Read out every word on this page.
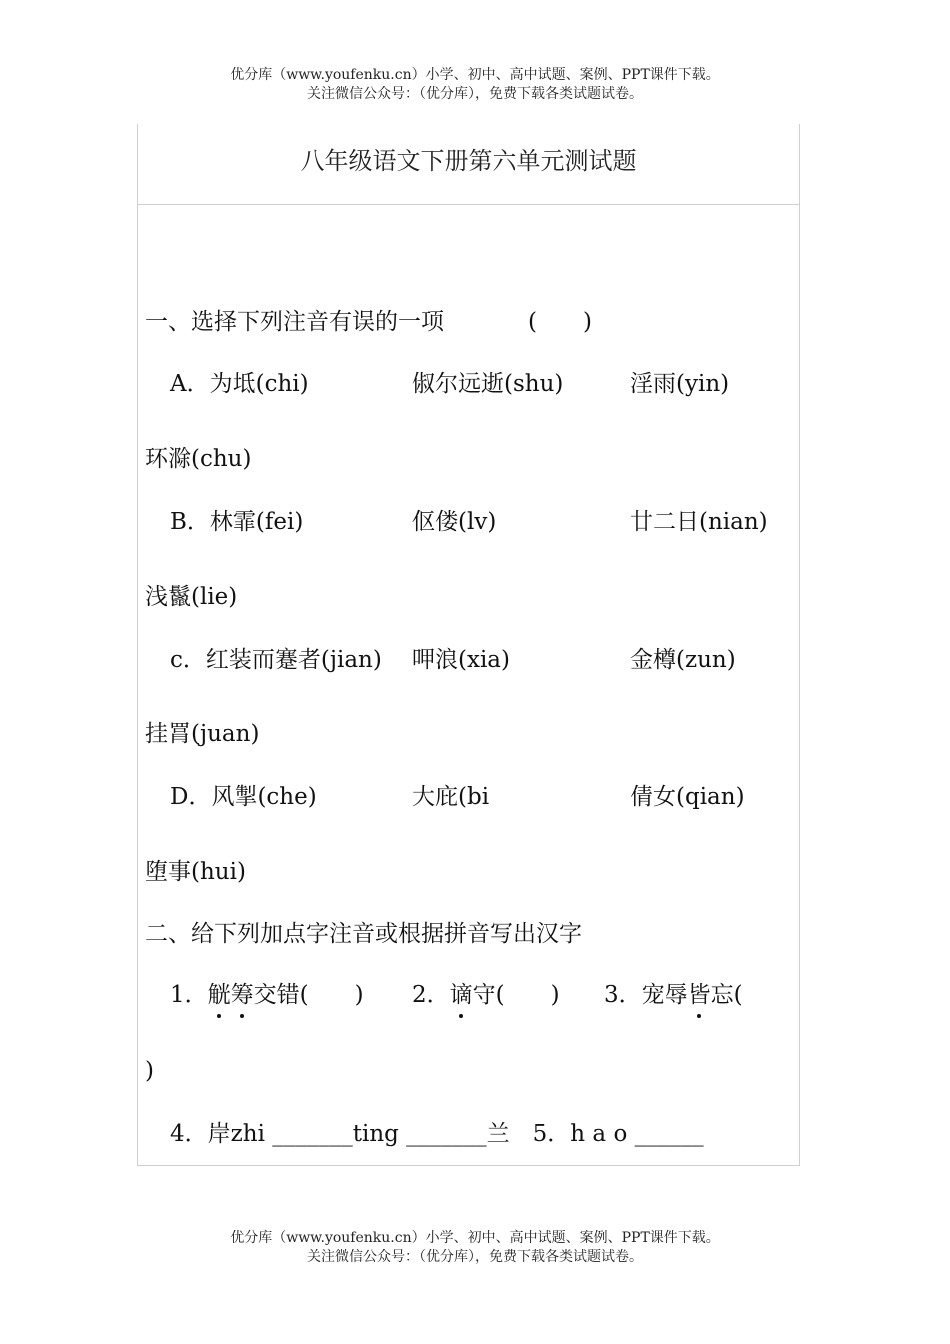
优分库（www.youfenku.cn）小学、初中、高中试题、案例、PPT课件下载。
关注微信公众号：（优分库），免费下载各类试题试卷。
八年级语文下册第六单元测试题
一、选择下列注音有误的一项	(　　)
A．为坻(chi)	俶尔远逝(shu)	淫雨(yin)
环滁(chu)
B．林霏(fei)	伛偻(lv)	廿二日(nian)
浅鬣(lie)
c．红装而蹇者(jian) 呷浪(xia)	金樽(zun)
挂罥(juan)
D．风掣(che)	大庇(bi	倩女(qian)
堕事(hui)
二、给下列加点字注音或根据拼音写出汉字
1．觥筹交错(　　) 2．谪守(　　) 3．宠辱皆忘(
)
4．岸zhi _______ting _______兰　5．h a o ______
优分库（www.youfenku.cn）小学、初中、高中试题、案例、PPT课件下载。
关注微信公众号：（优分库），免费下载各类试题试卷。
